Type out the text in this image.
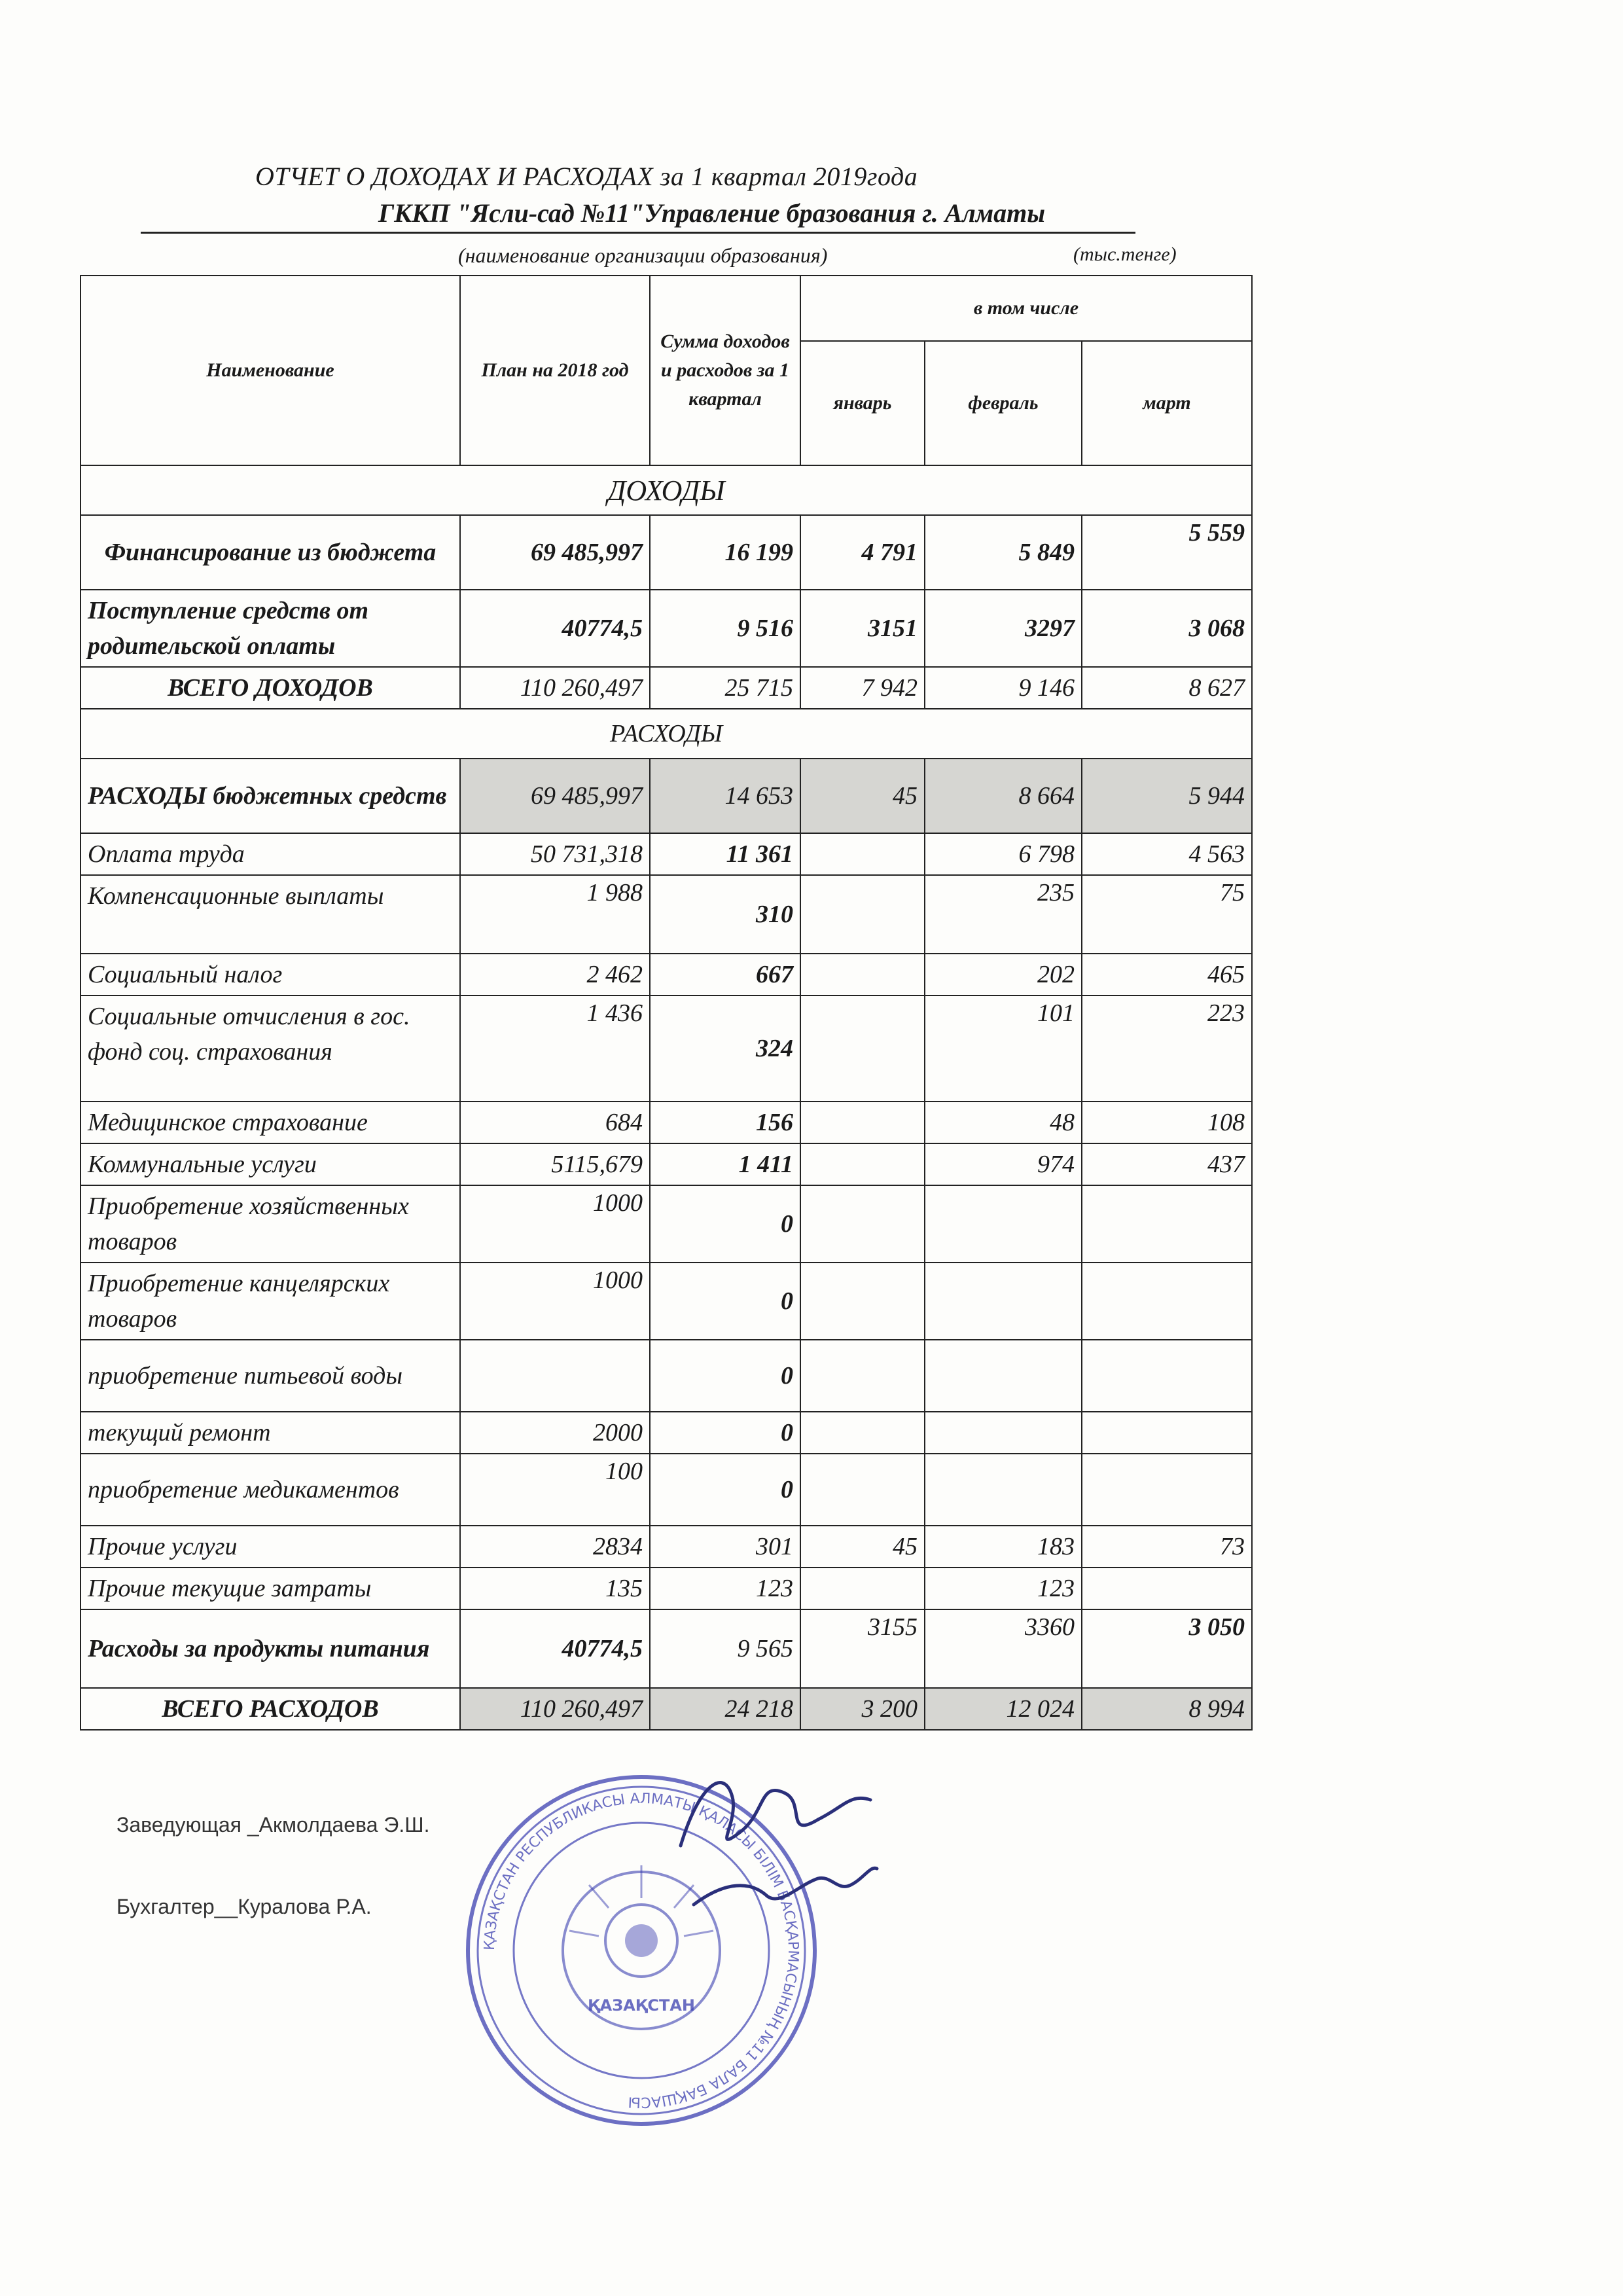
ОТЧЕТ О ДОХОДАХ И РАСХОДАХ за 1 квартал 2019года
ГККП "Ясли-сад №11"Управление бразования г. Алматы
(наименование организации образования)	(тыс.тенге)
Наименование	План на 2018 год	Сумма доходов и расходов за 1 квартал	в том числе		
			январь	февраль	март
ДОХОДЫ					
Финансирование из бюджета	69 485,997	16 199	4 791	5 849	5 559
Поступление средств от родительской оплаты	40774,5	9 516	3151	3297	3 068
ВСЕГО ДОХОДОВ	110 260,497	25 715	7 942	9 146	8 627
РАСХОДЫ					
РАСХОДЫ бюджетных средств	69 485,997	14 653	45	8 664	5 944
Оплата труда	50 731,318	11 361		6 798	4 563
Компенсационные выплаты	1 988	310		235	75
Социальный налог	2 462	667		202	465
Социальные отчисления в гос. фонд соц. страхования	1 436	324		101	223
Медицинское страхование	684	156		48	108
Коммунальные услуги	5115,679	1 411		974	437
Приобретение хозяйственных товаров	1000	0			
Приобретение канцелярских товаров	1000	0			
приобретение питьевой воды		0			
текущий ремонт	2000	0			
приобретение медикаментов	100	0			
Прочие услуги	2834	301	45	183	73
Прочие текущие затраты	135	123		123	
Расходы за продукты питания	40774,5	9 565	3155	3360	3 050
ВСЕГО РАСХОДОВ	110 260,497	24 218	3 200	12 024	8 994
Заведующая _Акмолдаева Э.Ш.
Бухгалтер__Куралова Р.А.
ҚАЗАҚСТАН РЕСПУБЛИКАСЫ АЛМАТЫ ҚАЛАСЫ БІЛІМ БАСҚАРМАСЫНЫҢ №11 БАЛА БАҚШАСЫ
ҚАЗАҚСТАН
